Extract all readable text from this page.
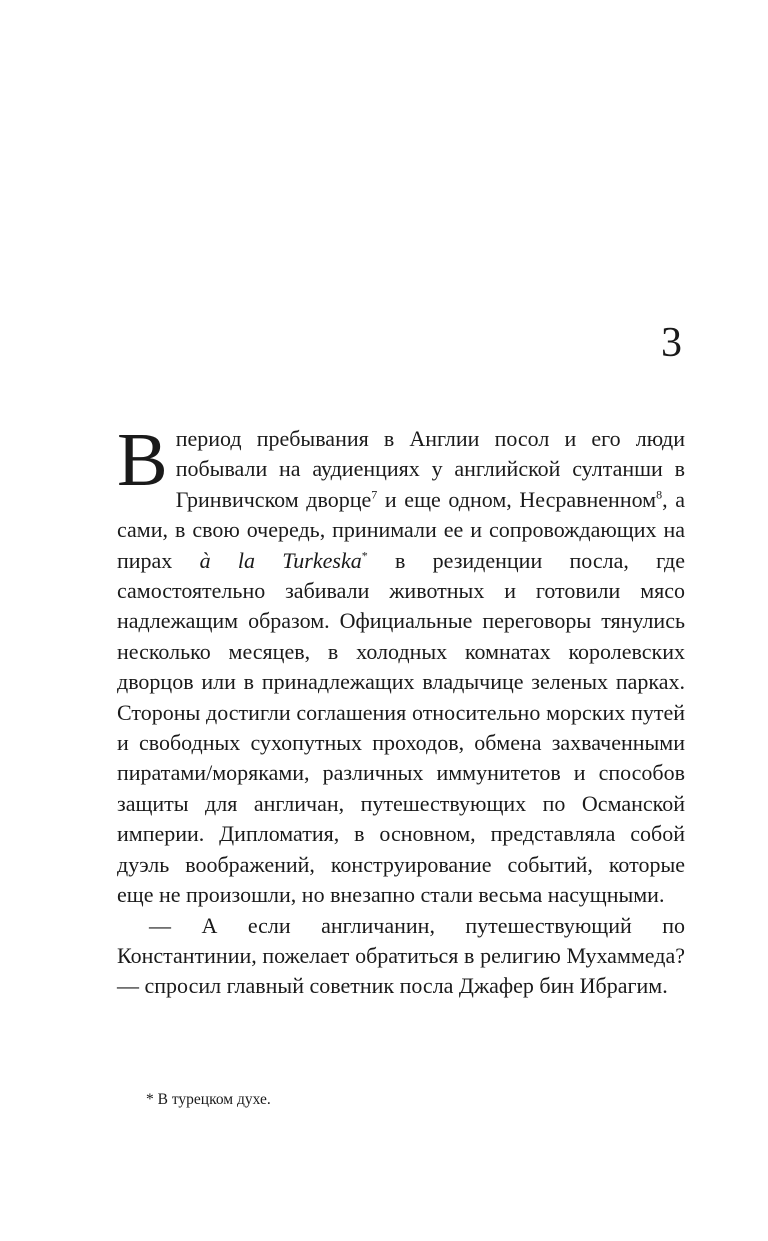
3

В период пребывания в Англии посол и его люди побывали на аудиенциях у английской султанши в Гринвичском дворце$^7$ и еще одном, Несравненном$^8$, а сами, в свою очередь, принимали ее и сопровождающих на пирах à la Turkeska* в резиденции посла, где самостоятельно забивали животных и готовили мясо надлежащим образом. Официальные переговоры тянулись несколько месяцев, в холодных комнатах королевских дворцов или в принадлежащих владычице зеленых парках. Стороны достигли соглашения относительно морских путей и свободных сухопутных проходов, обмена захваченными пиратами/моряками, различных иммунитетов и способов защиты для англичан, путешествующих по Османской империи. Дипломатия, в основном, представляла собой дуэль воображений, конструирование событий, которые еще не произошли, но внезапно стали весьма насущными.

— А если англичанин, путешествующий по Константинии, пожелает обратиться в религию Мухаммеда? — спросил главный советник посла Джафер бин Ибрагим.

* В турецком духе.
